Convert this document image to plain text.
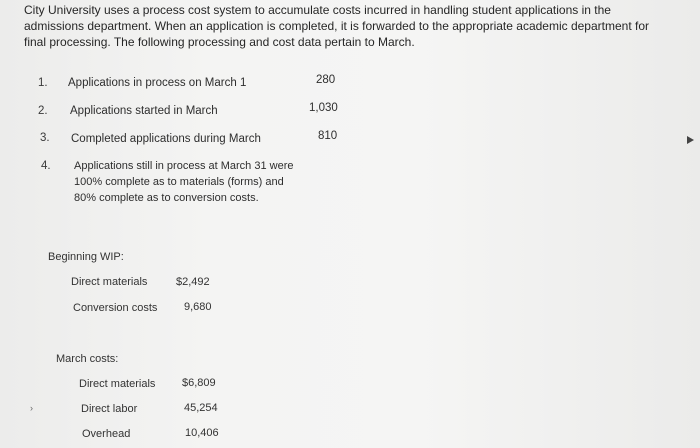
City University uses a process cost system to accumulate costs incurred in handling student applications in the admissions department. When an application is completed, it is forwarded to the appropriate academic department for final processing. The following processing and cost data pertain to March.
1. Applications in process on March 1	280
2. Applications started in March	1,030
3. Completed applications during March	810
4. Applications still in process at March 31 were 100% complete as to materials (forms) and 80% complete as to conversion costs.
Beginning WIP:
Direct materials	$2,492
Conversion costs 9,680
March costs:
Direct materials $6,809
Direct labor	45,254
Overhead	10,406
›
